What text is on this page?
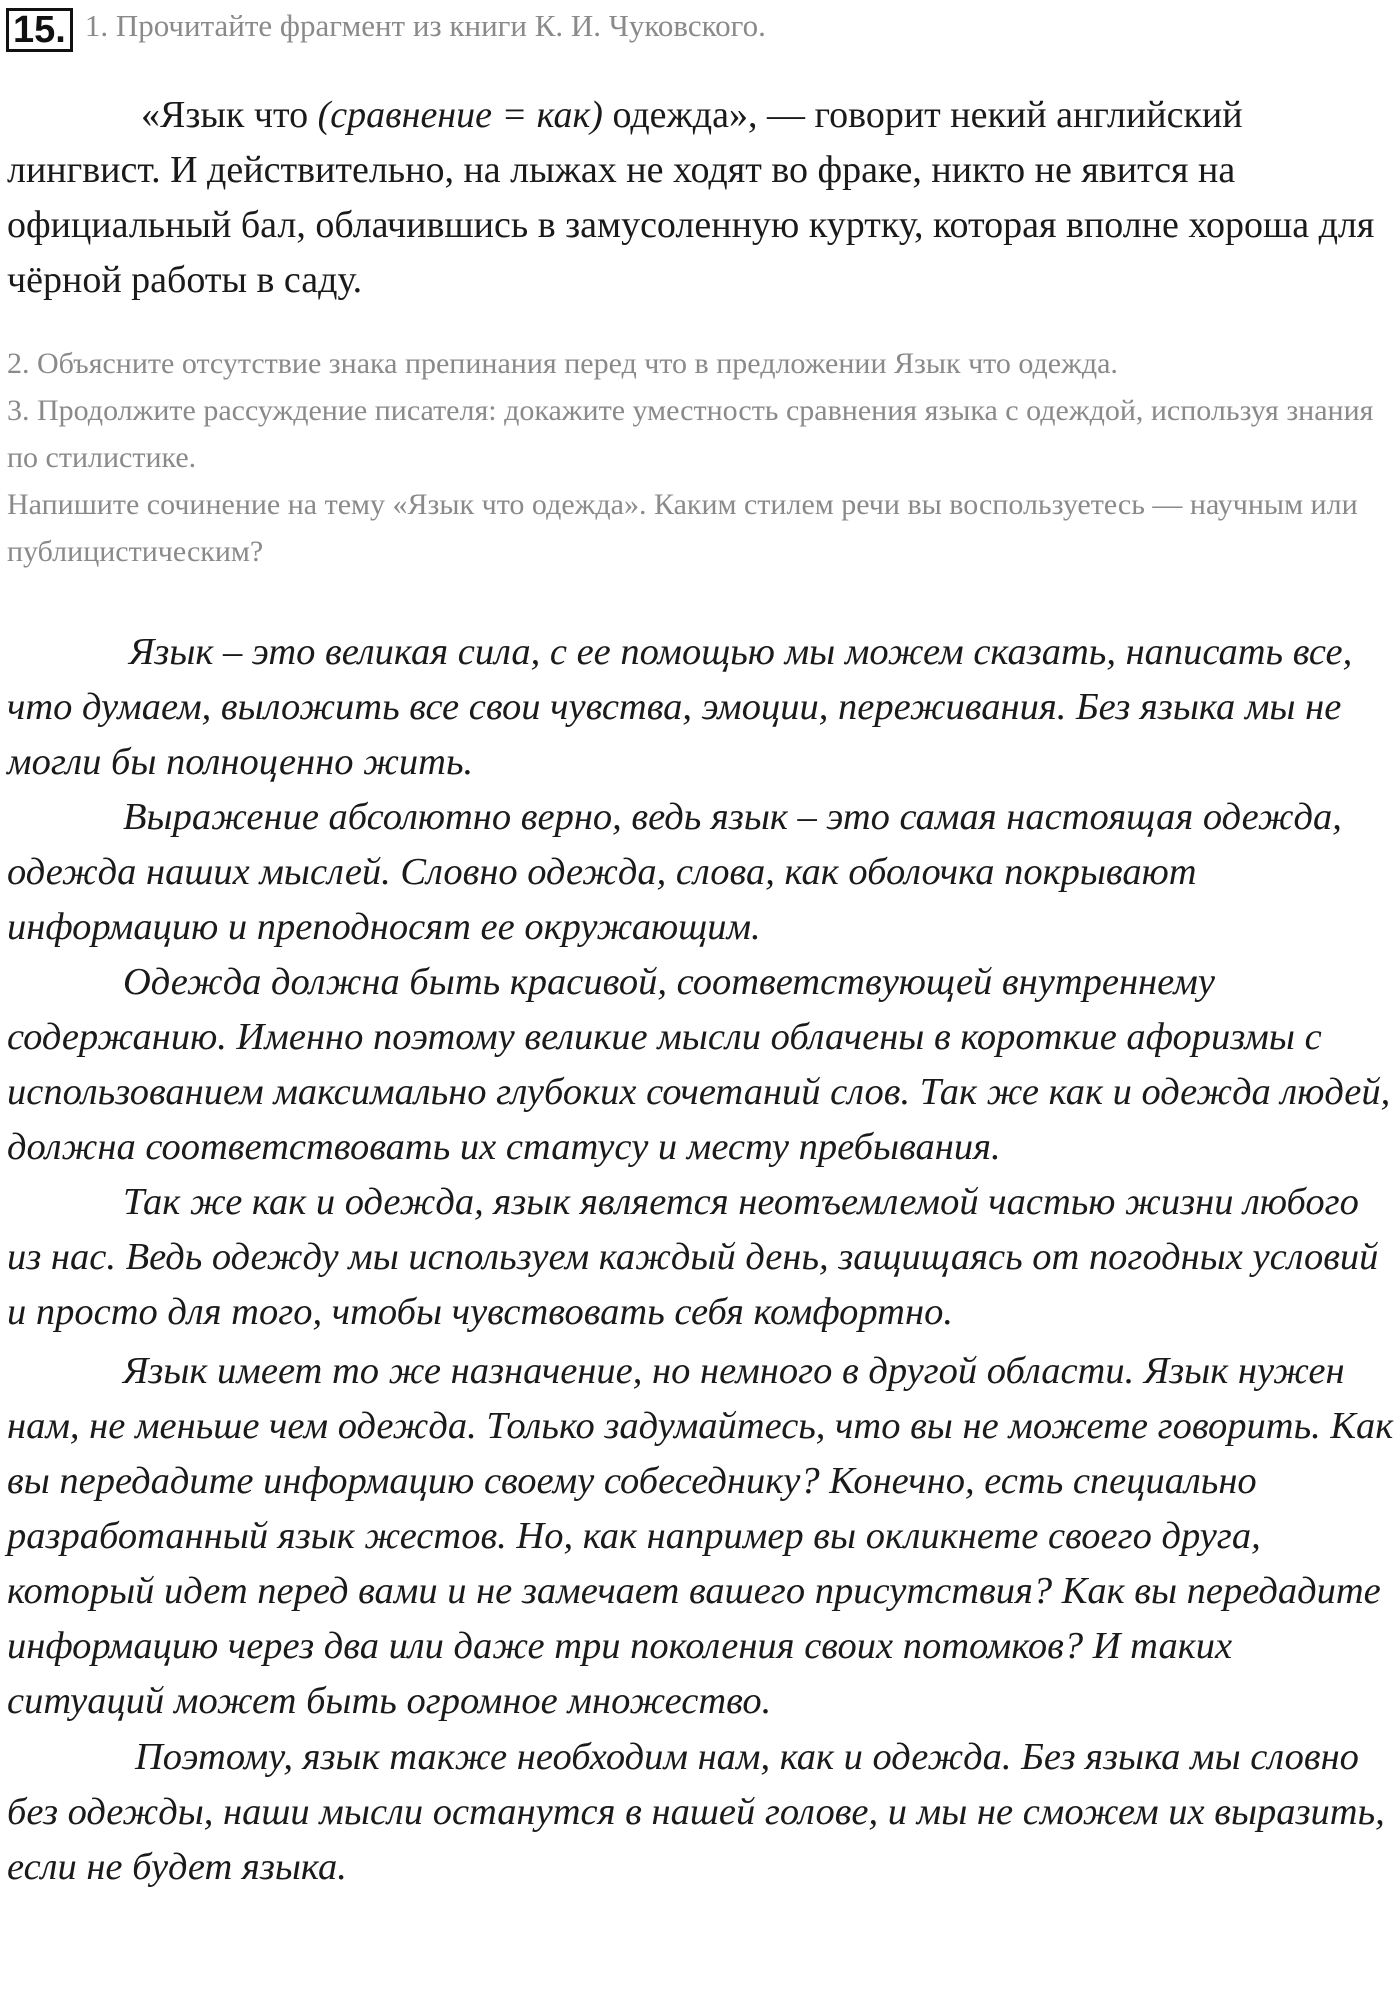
15. 1. Прочитайте фрагмент из книги К. И. Чуковского.

«Язык что (сравнение = как) одежда», — говорит некий английский лингвист. И действительно, на лыжах не ходят во фраке, никто не явится на официальный бал, облачившись в замусоленную куртку, которая вполне хороша для чёрной работы в саду.

2. Объясните отсутствие знака препинания перед что в предложении Язык что одежда.

3. Продолжите рассуждение писателя: докажите уместность сравнения языка с одеждой, используя знания по стилистике.

Напишите сочинение на тему «Язык что одежда». Каким стилем речи вы воспользуетесь — научным или публицистическим?

Язык – это великая сила, с ее помощью мы можем сказать, написать все, что думаем, выложить все свои чувства, эмоции, переживания. Без языка мы не могли бы полноценно жить.

Выражение абсолютно верно, ведь язык – это самая настоящая одежда, одежда наших мыслей. Словно одежда, слова, как оболочка покрывают информацию и преподносят ее окружающим.

Одежда должна быть красивой, соответствующей внутреннему содержанию. Именно поэтому великие мысли облачены в короткие афоризмы с использованием максимально глубоких сочетаний слов. Так же как и одежда людей, должна соответствовать их статусу и месту пребывания.

Так же как и одежда, язык является неотъемлемой частью жизни любого из нас. Ведь одежду мы используем каждый день, защищаясь от погодных условий и просто для того, чтобы чувствовать себя комфортно.

Язык имеет то же назначение, но немного в другой области. Язык нужен нам, не меньше чем одежда. Только задумайтесь, что вы не можете говорить. Как вы передадите информацию своему собеседнику? Конечно, есть специально разработанный язык жестов. Но, как например вы окликнете своего друга, который идет перед вами и не замечает вашего присутствия? Как вы передадите информацию через два или даже три поколения своих потомков? И таких ситуаций может быть огромное множество.

Поэтому, язык также необходим нам, как и одежда. Без языка мы словно без одежды, наши мысли останутся в нашей голове, и мы не сможем их выразить, если не будет языка.
